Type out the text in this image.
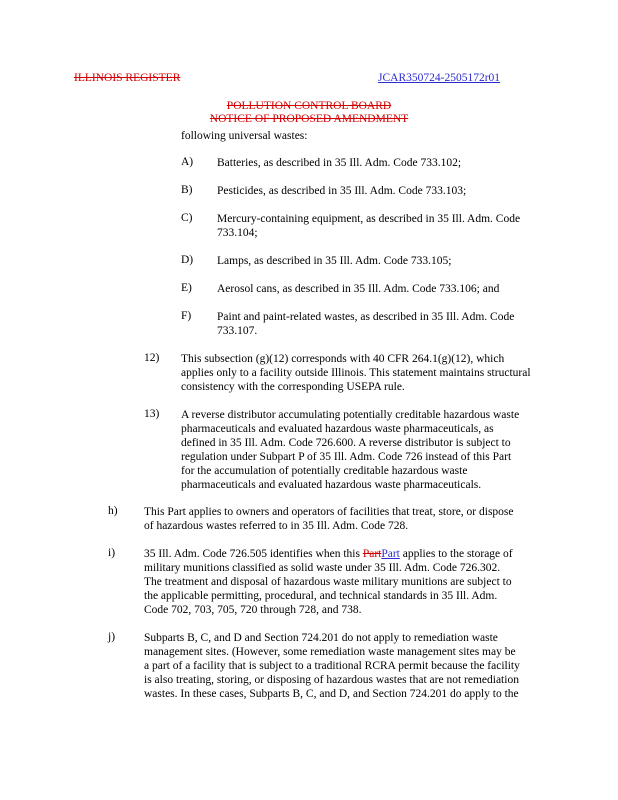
ILLINOIS REGISTER	JCAR350724-2505172r01
POLLUTION CONTROL BOARD
NOTICE OF PROPOSED AMENDMENT
following universal wastes:
A) Batteries, as described in 35 Ill. Adm. Code 733.102;
B) Pesticides, as described in 35 Ill. Adm. Code 733.103;
C) Mercury-containing equipment, as described in 35 Ill. Adm. Code
733.104;
D) Lamps, as described in 35 Ill. Adm. Code 733.105;
E) Aerosol cans, as described in 35 Ill. Adm. Code 733.106; and
F) Paint and paint-related wastes, as described in 35 Ill. Adm. Code
733.107.
12) This subsection (g)(12) corresponds with 40 CFR 264.1(g)(12), which
applies only to a facility outside Illinois. This statement maintains structural
consistency with the corresponding USEPA rule.
13) A reverse distributor accumulating potentially creditable hazardous waste
pharmaceuticals and evaluated hazardous waste pharmaceuticals, as
defined in 35 Ill. Adm. Code 726.600. A reverse distributor is subject to
regulation under Subpart P of 35 Ill. Adm. Code 726 instead of this Part
for the accumulation of potentially creditable hazardous waste
pharmaceuticals and evaluated hazardous waste pharmaceuticals.
h) This Part applies to owners and operators of facilities that treat, store, or dispose
of hazardous wastes referred to in 35 Ill. Adm. Code 728.
i)	35 Ill. Adm. Code 726.505 identifies when this PartPart applies to the storage of
military munitions classified as solid waste under 35 Ill. Adm. Code 726.302.
The treatment and disposal of hazardous waste military munitions are subject to
the applicable permitting, procedural, and technical standards in 35 Ill. Adm.
Code 702, 703, 705, 720 through 728, and 738.
j)	Subparts B, C, and D and Section 724.201 do not apply to remediation waste
management sites. (However, some remediation waste management sites may be
a part of a facility that is subject to a traditional RCRA permit because the facility
is also treating, storing, or disposing of hazardous wastes that are not remediation
wastes. In these cases, Subparts B, C, and D, and Section 724.201 do apply to the
